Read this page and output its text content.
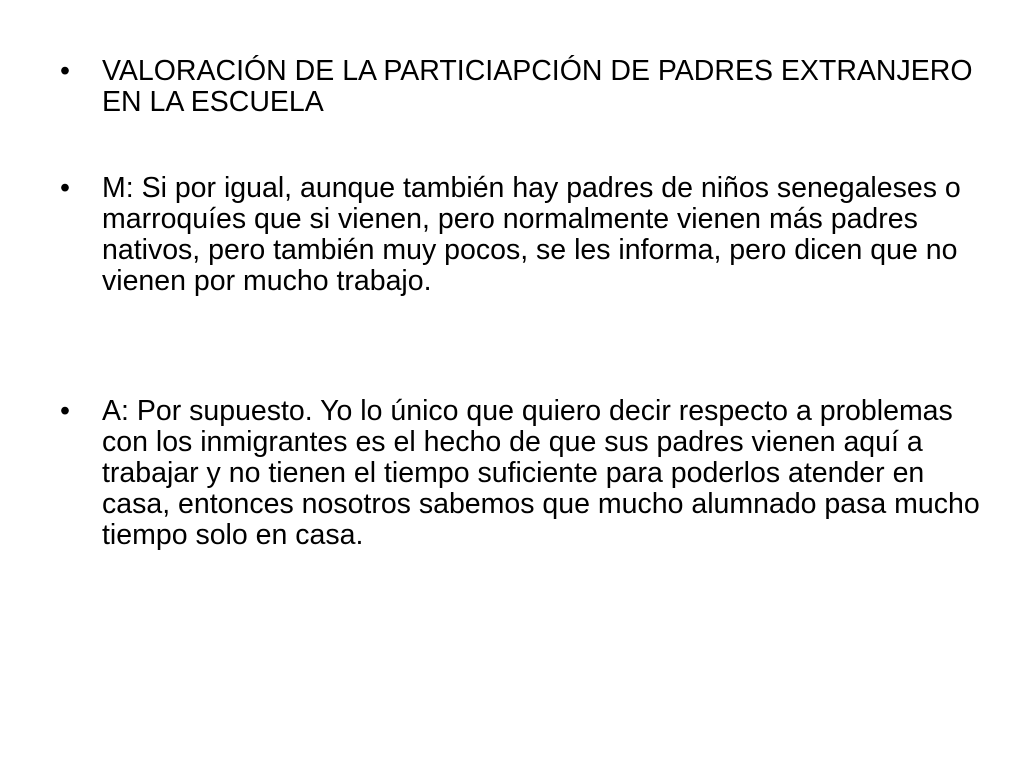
•	VALORACIÓN DE LA PARTICIAPCIÓN DE PADRES EXTRANJERO EN LA ESCUELA
•	M: Si por igual, aunque también hay padres de niños senegaleses o marroquíes que si vienen, pero normalmente vienen más padres nativos, pero también muy pocos, se les informa, pero dicen que no vienen por mucho trabajo.
•	A: Por supuesto. Yo lo único que quiero decir respecto a problemas con los inmigrantes es el hecho de que sus padres vienen aquí a trabajar y no tienen el tiempo suficiente para poderlos atender en casa, entonces nosotros sabemos que mucho alumnado pasa mucho tiempo solo en casa.
